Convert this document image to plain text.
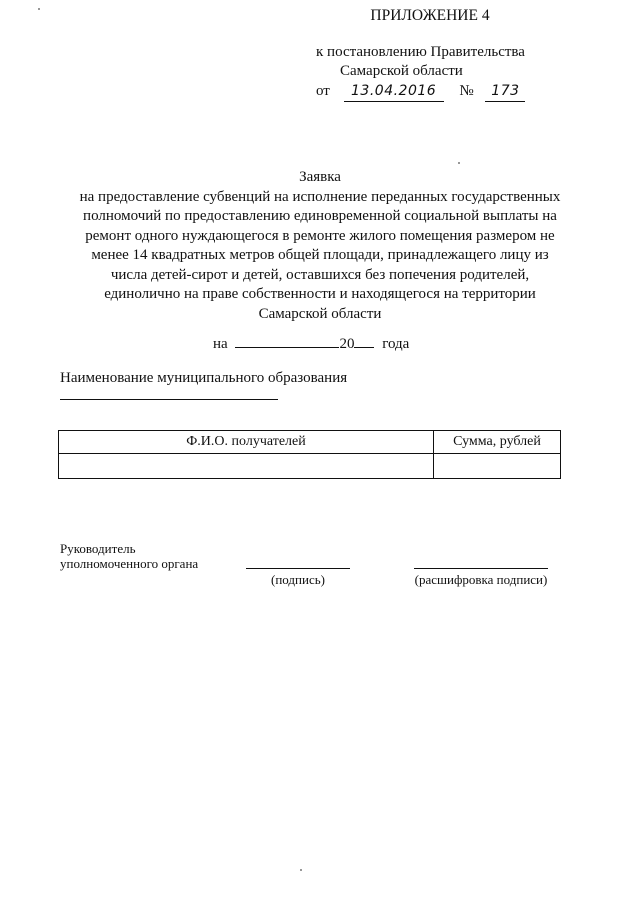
ПРИЛОЖЕНИЕ 4
к постановлению Правительства
Самарской области
от 13.04.2016 № 173
Заявка
на предоставление субвенций на исполнение переданных государственных
полномочий по предоставлению единовременной социальной выплаты на
ремонт одного нуждающегося в ремонте жилого помещения размером не
менее 14 квадратных метров общей площади, принадлежащего лицу из
числа детей-сирот и детей, оставшихся без попечения родителей,
единолично на праве собственности и находящегося на территории
Самарской области
на	20 года
Наименование муниципального образования
Ф.И.О. получателей	Сумма, рублей

Руководитель
уполномоченного органа
(подпись)	(расшифровка подписи)
